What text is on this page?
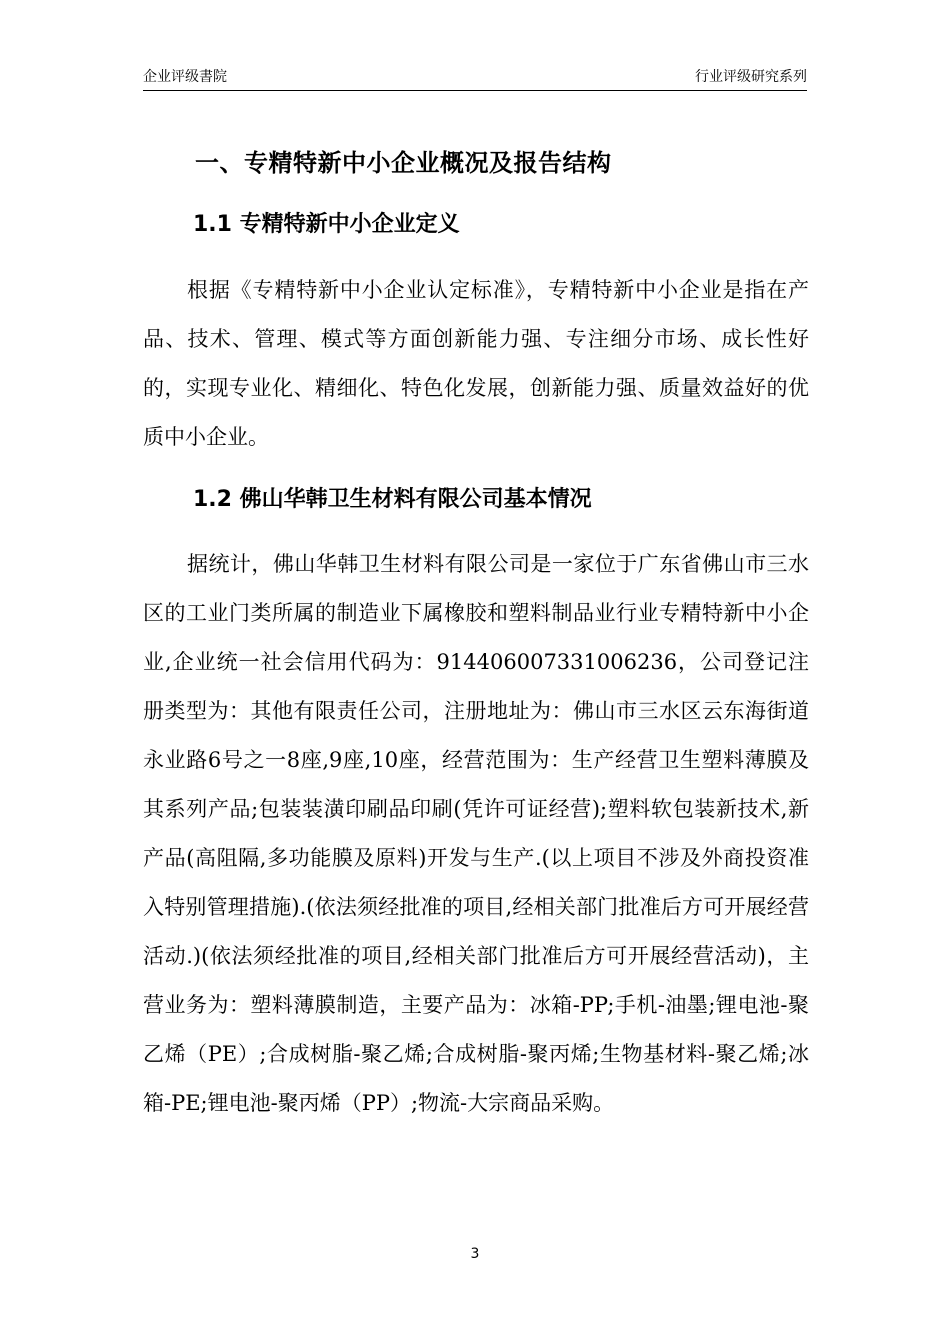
企业评级書院	行业评级研究系列
一、专精特新中小企业概况及报告结构
1.1 专精特新中小企业定义

根据《专精特新中小企业认定标准》，专精特新中小企业是指在产品、技术、管理、模式等方面创新能力强、专注细分市场、成长性好的，实现专业化、精细化、特色化发展，创新能力强、质量效益好的优质中小企业。

1.2 佛山华韩卫生材料有限公司基本情况

据统计，佛山华韩卫生材料有限公司是一家位于广东省佛山市三水区的工业门类所属的制造业下属橡胶和塑料制品业行业专精特新中小企业,企业统一社会信用代码为：914406007331006236，公司登记注册类型为：其他有限责任公司，注册地址为：佛山市三水区云东海街道永业路6号之一8座,9座,10座，经营范围为：生产经营卫生塑料薄膜及其系列产品;包装装潢印刷品印刷(凭许可证经营);塑料软包装新技术,新产品(高阻隔,多功能膜及原料)开发与生产.(以上项目不涉及外商投资准入特别管理措施).(依法须经批准的项目,经相关部门批准后方可开展经营活动.)(依法须经批准的项目,经相关部门批准后方可开展经营活动)，主营业务为：塑料薄膜制造，主要产品为：冰箱-PP;手机-油墨;锂电池-聚乙烯（PE）;合成树脂-聚乙烯;合成树脂-聚丙烯;生物基材料-聚乙烯;冰箱-PE;锂电池-聚丙烯（PP）;物流-大宗商品采购。

3
